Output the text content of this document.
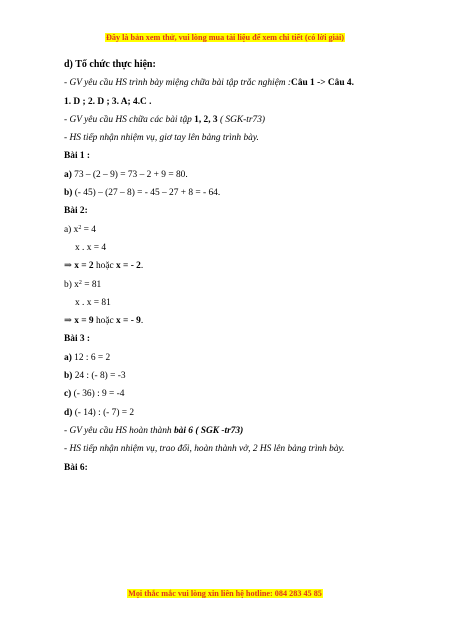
Đây là bản xem thử, vui lòng mua tài liệu để xem chi tiết (có lời giải)
d) Tổ chức thực hiện:
- GV yêu cầu HS trình bày miệng chữa bài tập trắc nghiệm :Câu 1 -> Câu 4.
1. D ; 2. D ; 3. A; 4.C .
- GV yêu cầu HS chữa các bài tập 1, 2, 3 ( SGK-tr73)
- HS tiếp nhận nhiệm vụ, giơ tay lên bảng trình bày.
Bài 1 :
a) 73 – (2 – 9) = 73 – 2 + 9 = 80.
b) (- 45) – (27 – 8) = - 45 – 27 + 8 = - 64.
Bài 2:
a) $x^2 = 4$
x . x = 4
⇒ x = 2 hoặc x = - 2.
b) $x^2 = 81$
x . x = 81
⇒ x = 9 hoặc x = - 9.
Bài 3 :
a) 12 : 6 = 2
b) 24 : (- 8) = -3
c) (- 36) : 9 = -4
d) (- 14) : (- 7) = 2
- GV yêu cầu HS hoàn thành bài 6 ( SGK -tr73)
- HS tiếp nhận nhiệm vụ, trao đổi, hoàn thành vở, 2 HS lên bảng trình bày.
Bài 6:
Mọi thắc mắc vui lòng xin liên hệ hotline: 084 283 45 85
